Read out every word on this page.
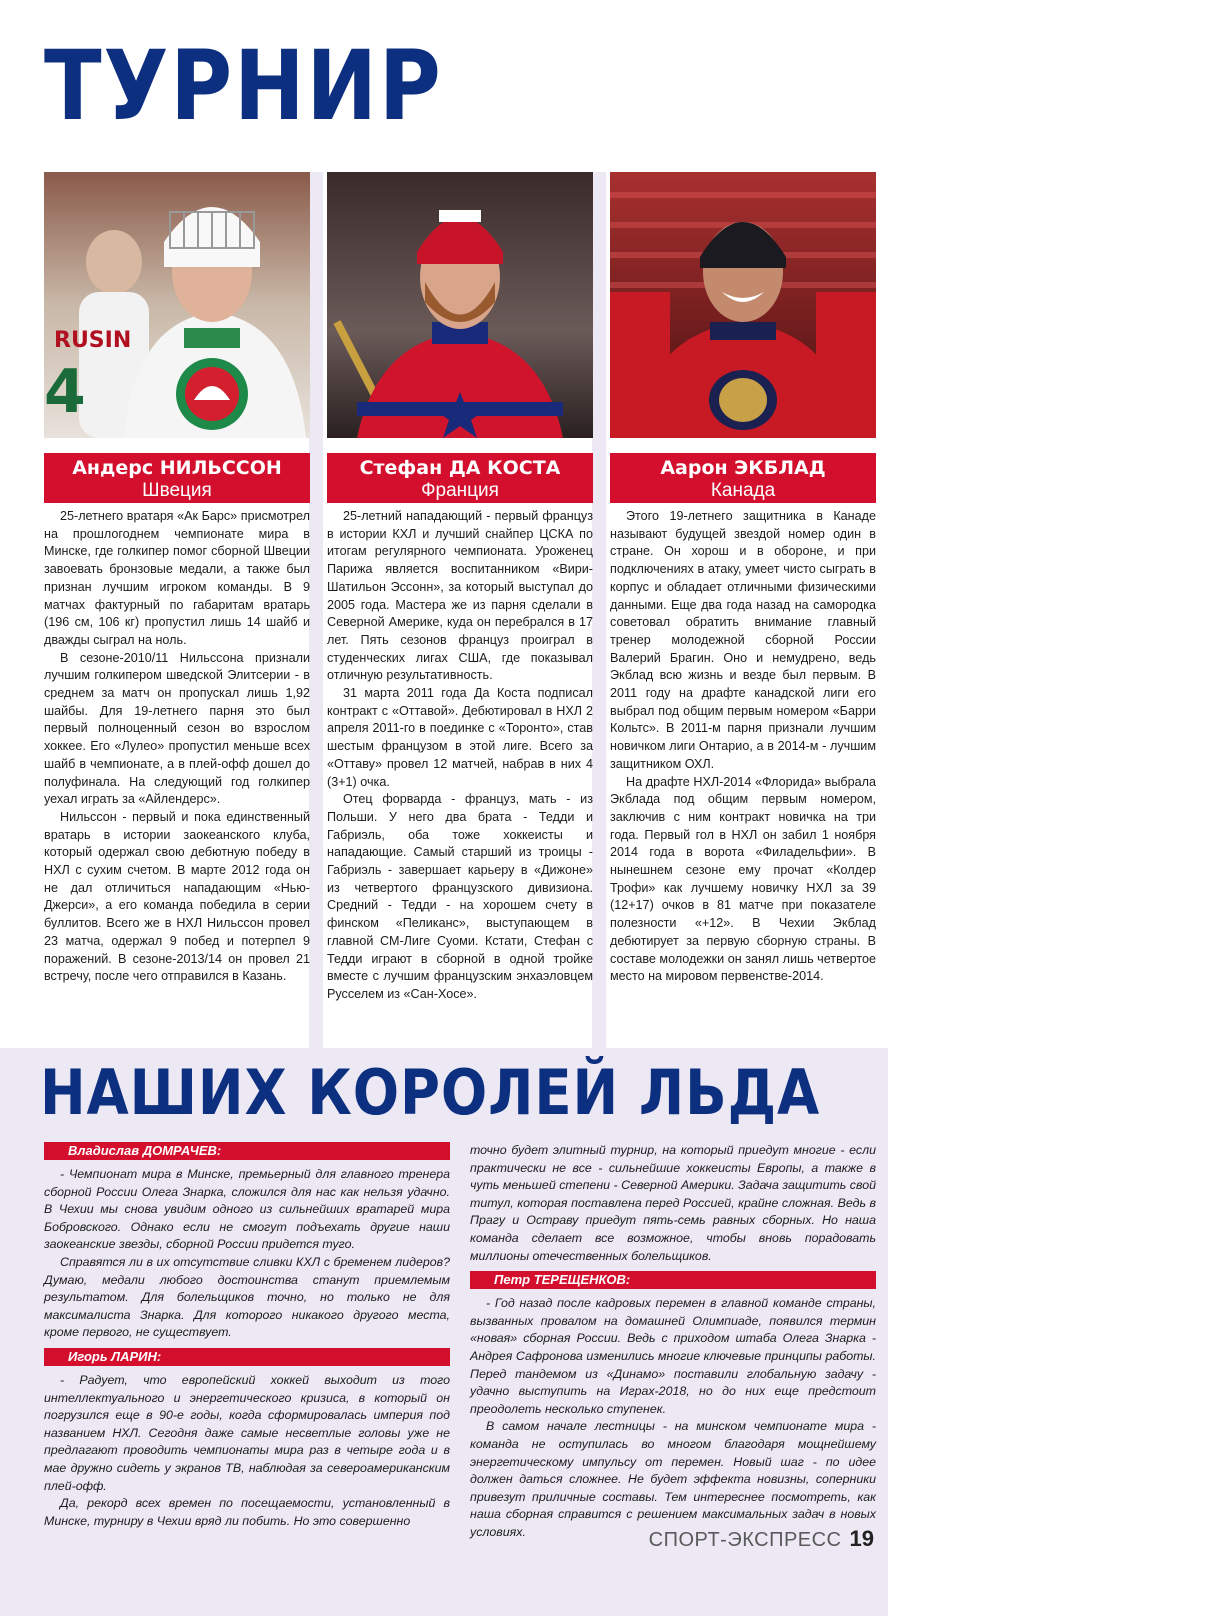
ТУРНИР
RUSIN
4
Андерс НИЛЬССОН
Швеция

25-летнего вратаря «Ак Барс» присмотрел на прошлогоднем чемпионате мира в Минске, где голкипер помог сборной Швеции завоевать бронзовые медали, а также был признан лучшим игроком команды. В 9 матчах фактурный по габаритам вратарь (196 см, 106 кг) пропустил лишь 14 шайб и дважды сыграл на ноль.

В сезоне-2010/11 Нильссона признали лучшим голкипером шведской Элитсерии - в среднем за матч он пропускал лишь 1,92 шайбы. Для 19-летнего парня это был первый полноценный сезон во взрослом хоккее. Его «Лулео» пропустил меньше всех шайб в чемпионате, а в плей-офф дошел до полуфинала. На следующий год голкипер уехал играть за «Айлендерс».

Нильссон - первый и пока единственный вратарь в истории заокеанского клуба, который одержал свою дебютную победу в НХЛ с сухим счетом. В марте 2012 года он не дал отличиться нападающим «Нью-Джерси», а его команда победила в серии буллитов. Всего же в НХЛ Нильссон провел 23 матча, одержал 9 побед и потерпел 9 поражений. В сезоне-2013/14 он провел 21 встречу, после чего отправился в Казань.

Стефан ДА КОСТА
Франция

25-летний нападающий - первый француз в истории КХЛ и лучший снайпер ЦСКА по итогам регулярного чемпионата. Уроженец Парижа является воспитанником «Вири-Шатильон Эссонн», за который выступал до 2005 года. Мастера же из парня сделали в Северной Америке, куда он перебрался в 17 лет. Пять сезонов француз проиграл в студенческих лигах США, где показывал отличную результативность.

31 марта 2011 года Да Коста подписал контракт с «Оттавой». Дебютировал в НХЛ 2 апреля 2011-го в поединке с «Торонто», став шестым французом в этой лиге. Всего за «Оттаву» провел 12 матчей, набрав в них 4 (3+1) очка.

Отец форварда - француз, мать - из Польши. У него два брата - Тедди и Габриэль, оба тоже хоккеисты и нападающие. Самый старший из троицы - Габриэль - завершает карьеру в «Дижоне» из четвертого французского дивизиона. Средний - Тедди - на хорошем счету в финском «Пеликанс», выступающем в главной СМ-Лиге Суоми. Кстати, Стефан с Тедди играют в сборной в одной тройке вместе с лучшим французским энхаэловцем Русселем из «Сан-Хосе».

Аарон ЭКБЛАД
Канада

Этого 19-летнего защитника в Канаде называют будущей звездой номер один в стране. Он хорош и в обороне, и при подключениях в атаку, умеет чисто сыграть в корпус и обладает отличными физическими данными. Еще два года назад на самородка советовал обратить внимание главный тренер молодежной сборной России Валерий Брагин. Оно и немудрено, ведь Экблад всю жизнь и везде был первым. В 2011 году на драфте канадской лиги его выбрал под общим первым номером «Барри Кольтс». В 2011-м парня признали лучшим новичком лиги Онтарио, а в 2014-м - лучшим защитником ОХЛ.

На драфте НХЛ-2014 «Флорида» выбрала Экблада под общим первым номером, заключив с ним контракт новичка на три года. Первый гол в НХЛ он забил 1 ноября 2014 года в ворота «Филадельфии». В нынешнем сезоне ему прочат «Колдер Трофи» как лучшему новичку НХЛ за 39 (12+17) очков в 81 матче при показателе полезности «+12». В Чехии Экблад дебютирует за первую сборную страны. В составе молодежки он занял лишь четвертое место на мировом первенстве-2014.

НАШИХ КОРОЛЕЙ ЛЬДА
Владислав ДОМРАЧЕВ:

- Чемпионат мира в Минске, премьерный для главного тренера сборной России Олега Знарка, сложился для нас как нельзя удачно. В Чехии мы снова увидим одного из сильнейших вратарей мира Бобровского. Однако если не смогут подъехать другие наши заокеанские звезды, сборной России придется туго.

Справятся ли в их отсутствие сливки КХЛ с бременем лидеров? Думаю, медали любого достоинства станут приемлемым результатом. Для болельщиков точно, но только не для максималиста Знарка. Для которого никакого другого места, кроме первого, не существует.

Игорь ЛАРИН:

- Радует, что европейский хоккей выходит из того интеллектуального и энергетического кризиса, в который он погрузился еще в 90-е годы, когда сформировалась империя под названием НХЛ. Сегодня даже самые несветлые головы уже не предлагают проводить чемпионаты мира раз в четыре года и в мае дружно сидеть у экранов ТВ, наблюдая за североамериканским плей-офф.

Да, рекорд всех времен по посещаемости, установленный в Минске, турниру в Чехии вряд ли побить. Но это совершенно

точно будет элитный турнир, на который приедут многие - если практически не все - сильнейшие хоккеисты Европы, а также в чуть меньшей степени - Северной Америки. Задача защитить свой титул, которая поставлена перед Россией, крайне сложная. Ведь в Прагу и Остраву приедут пять-семь равных сборных. Но наша команда сделает все возможное, чтобы вновь порадовать миллионы отечественных болельщиков.

Петр ТЕРЕЩЕНКОВ:

- Год назад после кадровых перемен в главной команде страны, вызванных провалом на домашней Олимпиаде, появился термин «новая» сборная России. Ведь с приходом штаба Олега Знарка - Андрея Сафронова изменились многие ключевые принципы работы. Перед тандемом из «Динамо» поставили глобальную задачу - удачно выступить на Играх-2018, но до них еще предстоит преодолеть несколько ступенек.

В самом начале лестницы - на минском чемпионате мира - команда не оступилась во многом благодаря мощнейшему энергетическому импульсу от перемен. Новый шаг - по идее должен даться сложнее. Не будет эффекта новизны, соперники привезут приличные составы. Тем интереснее посмотреть, как наша сборная справится с решением максимальных задач в новых условиях.	СПОРТ-ЭКСПРЕСС 19
